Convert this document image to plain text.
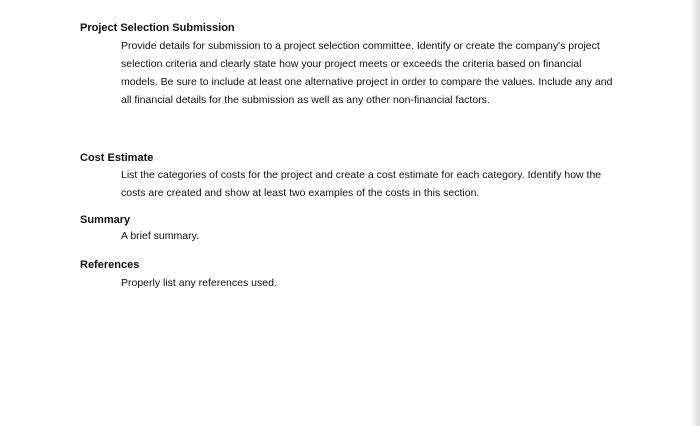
Project Selection Submission

Provide details for submission to a project selection committee. Identify or create the company's project selection criteria and clearly state how your project meets or exceeds the criteria based on financial models. Be sure to include at least one alternative project in order to compare the values. Include any and all financial details for the submission as well as any other non-financial factors.

Cost Estimate

List the categories of costs for the project and create a cost estimate for each category. Identify how the costs are created and show at least two examples of the costs in this section.

Summary

A brief summary.

References

Properly list any references used.
